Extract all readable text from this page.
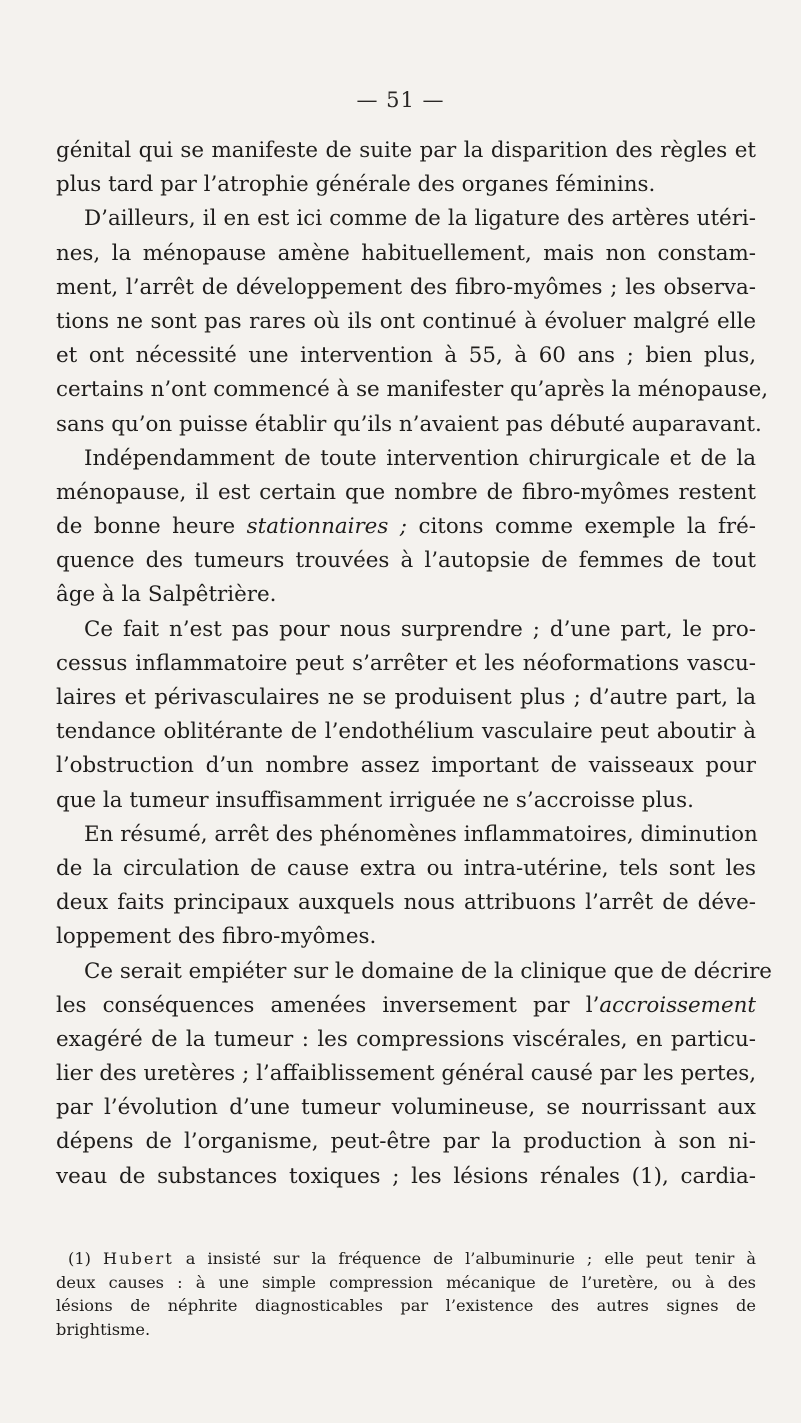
— 51 —
génital qui se manifeste de suite par la disparition des règles et
plus tard par l’atrophie générale des organes féminins.
D’ailleurs, il en est ici comme de la ligature des artères utéri-
nes, la ménopause amène habituellement, mais non constam-
ment, l’arrêt de développement des fibro-myômes ; les observa-
tions ne sont pas rares où ils ont continué à évoluer malgré elle
et ont nécessité une intervention à 55, à 60 ans ; bien plus,
certains n’ont commencé à se manifester qu’après la ménopause,
sans qu’on puisse établir qu’ils n’avaient pas débuté auparavant.
Indépendamment de toute intervention chirurgicale et de la
ménopause, il est certain que nombre de fibro-myômes restent
de bonne heure stationnaires ; citons comme exemple la fré-
quence des tumeurs trouvées à l’autopsie de femmes de tout
âge à la Salpêtrière.
Ce fait n’est pas pour nous surprendre ; d’une part, le pro-
cessus inflammatoire peut s’arrêter et les néoformations vascu-
laires et périvasculaires ne se produisent plus ; d’autre part, la
tendance oblitérante de l’endothélium vasculaire peut aboutir à
l’obstruction d’un nombre assez important de vaisseaux pour
que la tumeur insuffisamment irriguée ne s’accroisse plus.
En résumé, arrêt des phénomènes inflammatoires, diminution
de la circulation de cause extra ou intra-utérine, tels sont les
deux faits principaux auxquels nous attribuons l’arrêt de déve-
loppement des fibro-myômes.
Ce serait empiéter sur le domaine de la clinique que de décrire
les conséquences amenées inversement par l’accroissement
exagéré de la tumeur : les compressions viscérales, en particu-
lier des uretères ; l’affaiblissement général causé par les pertes,
par l’évolution d’une tumeur volumineuse, se nourrissant aux
dépens de l’organisme, peut-être par la production à son ni-
veau de substances toxiques ; les lésions rénales (1), cardia-
(1) Hubert a insisté sur la fréquence de l’albuminurie ; elle peut tenir à
deux causes : à une simple compression mécanique de l’uretère, ou à des
lésions de néphrite diagnosticables par l’existence des autres signes de
brightisme.
